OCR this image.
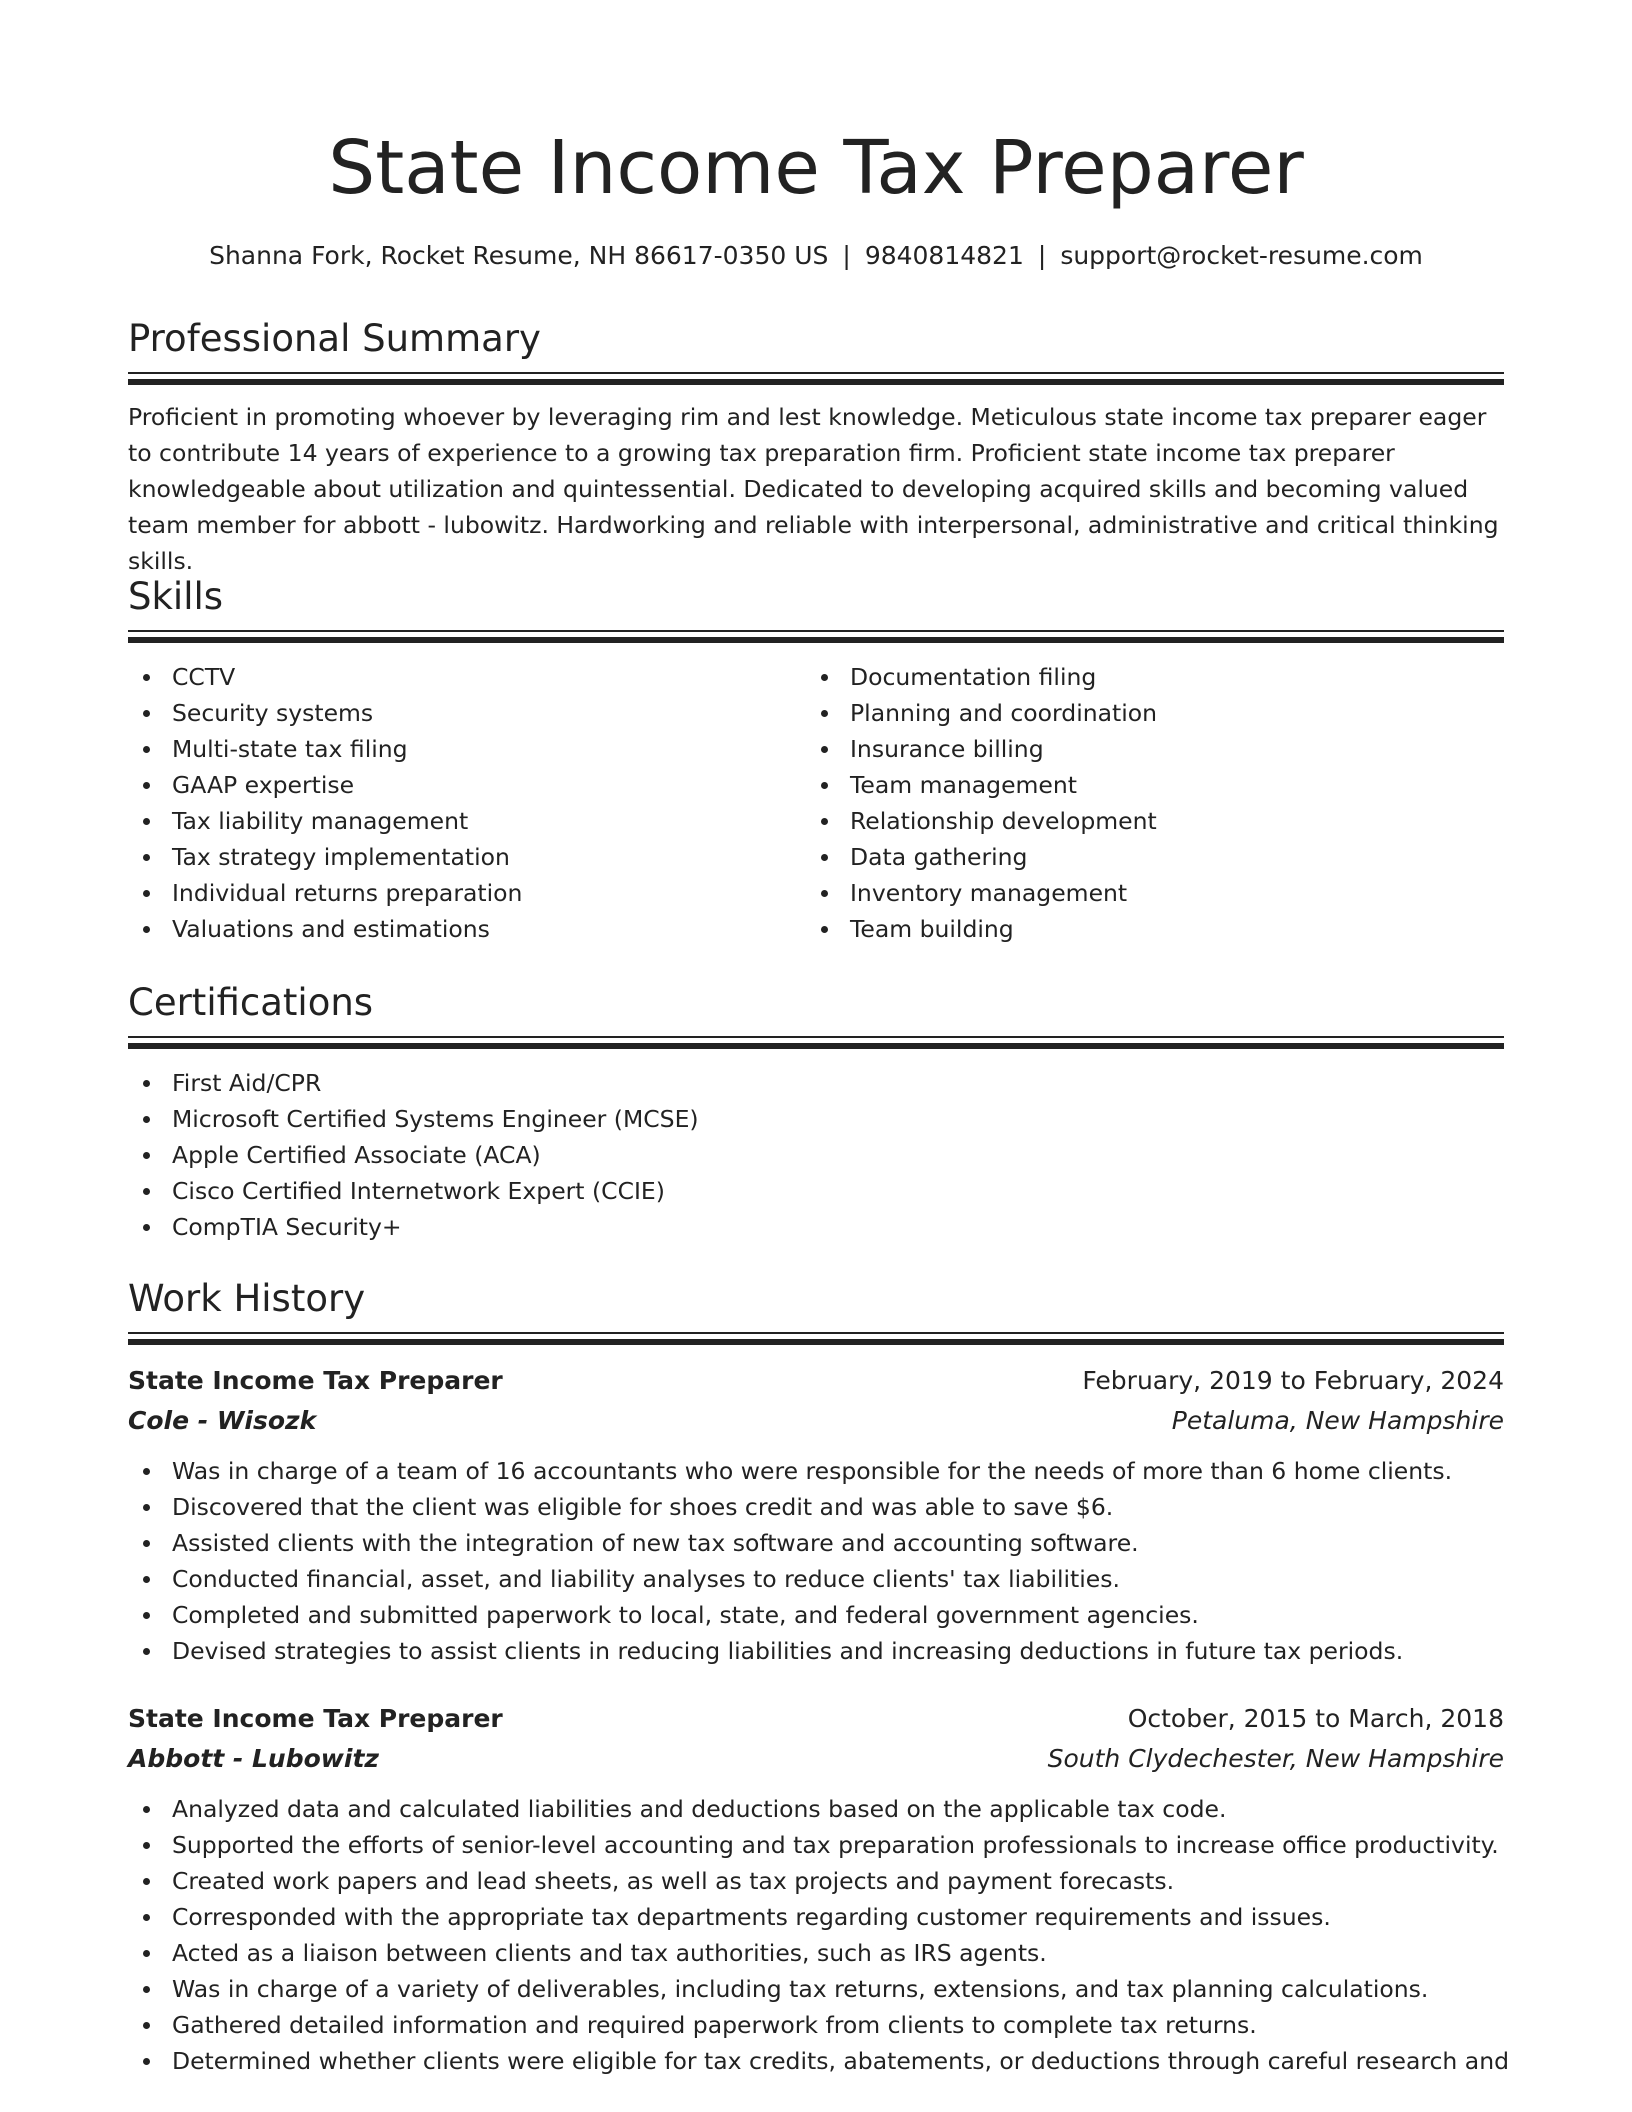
State Income Tax Preparer
Shanna Fork, Rocket Resume, NH 86617-0350 US | 9840814821 | support@rocket-resume.com
Professional Summary

Proficient in promoting whoever by leveraging rim and lest knowledge. Meticulous state income tax preparer eager to contribute 14 years of experience to a growing tax preparation firm. Proficient state income tax preparer knowledgeable about utilization and quintessential. Dedicated to developing acquired skills and becoming valued team member for abbott - lubowitz. Hardworking and reliable with interpersonal, administrative and critical thinking skills.

Skills
CCTV
Security systems
Multi-state tax filing
GAAP expertise
Tax liability management
Tax strategy implementation
Individual returns preparation
Valuations and estimations
Documentation filing
Planning and coordination
Insurance billing
Team management
Relationship development
Data gathering
Inventory management
Team building
Certifications
First Aid/CPR
Microsoft Certified Systems Engineer (MCSE)
Apple Certified Associate (ACA)
Cisco Certified Internetwork Expert (CCIE)
CompTIA Security+
Work History
State Income Tax Preparer	February, 2019 to February, 2024
Cole - Wisozk	Petaluma, New Hampshire
Was in charge of a team of 16 accountants who were responsible for the needs of more than 6 home clients.
Discovered that the client was eligible for shoes credit and was able to save $6.
Assisted clients with the integration of new tax software and accounting software.
Conducted financial, asset, and liability analyses to reduce clients' tax liabilities.
Completed and submitted paperwork to local, state, and federal government agencies.
Devised strategies to assist clients in reducing liabilities and increasing deductions in future tax periods.
State Income Tax Preparer	October, 2015 to March, 2018
Abbott - Lubowitz	South Clydechester, New Hampshire
Analyzed data and calculated liabilities and deductions based on the applicable tax code.
Supported the efforts of senior-level accounting and tax preparation professionals to increase office productivity.
Created work papers and lead sheets, as well as tax projects and payment forecasts.
Corresponded with the appropriate tax departments regarding customer requirements and issues.
Acted as a liaison between clients and tax authorities, such as IRS agents.
Was in charge of a variety of deliverables, including tax returns, extensions, and tax planning calculations.
Gathered detailed information and required paperwork from clients to complete tax returns.
Determined whether clients were eligible for tax credits, abatements, or deductions through careful research and
